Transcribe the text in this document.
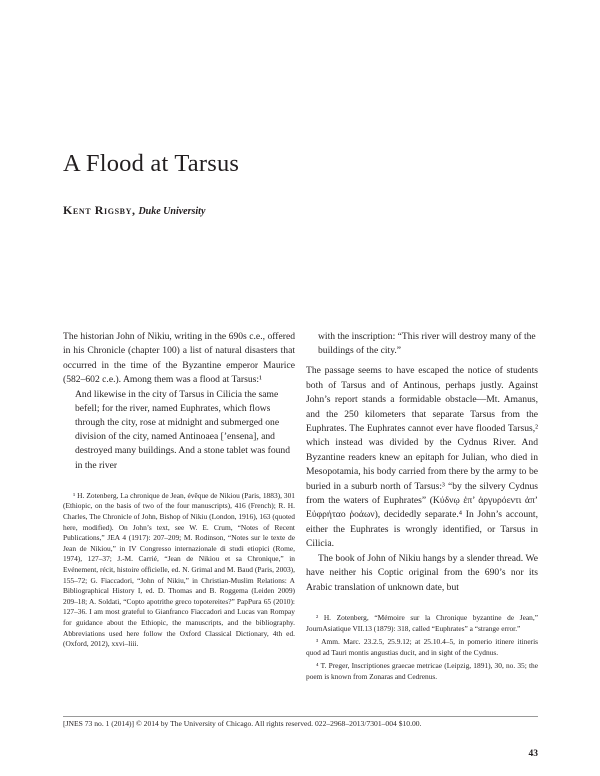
A Flood at Tarsus
Kent Rigsby, Duke University

The historian John of Nikiu, writing in the 690s c.e., offered in his Chronicle (chapter 100) a list of natural disasters that occurred in the time of the Byzantine emperor Maurice (582–602 c.e.). Among them was a flood at Tarsus:¹

And likewise in the city of Tarsus in Cilicia the same befell; for the river, named Euphrates, which flows through the city, rose at midnight and submerged one division of the city, named Antinoaea [’ensena], and destroyed many buildings. And a stone tablet was found in the river

¹ H. Zotenberg, La chronique de Jean, évêque de Nikiou (Paris, 1883), 301 (Ethiopic, on the basis of two of the four manuscripts), 416 (French); R. H. Charles, The Chronicle of John, Bishop of Nikiu (London, 1916), 163 (quoted here, modified). On John’s text, see W. E. Crum, “Notes of Recent Publications,” JEA 4 (1917): 207–209; M. Rodinson, “Notes sur le texte de Jean de Nikiou,” in IV Congresso internazionale di studi etiopici (Rome, 1974), 127–37; J.-M. Carrié, “Jean de Nikiou et sa Chronique,” in Evénement, récit, histoire officielle, ed. N. Grimal and M. Baud (Paris, 2003), 155–72; G. Fiaccadori, “John of Nikiu,” in Christian-Muslim Relations: A Bibliographical History I, ed. D. Thomas and B. Roggema (Leiden 2009) 209–18; A. Soldati, “Copto apotrithe greco topotereites?” PapPura 65 (2010): 127–36. I am most grateful to Gianfranco Fiaccadori and Lucas van Rompay for guidance about the Ethiopic, the manuscripts, and the bibliography. Abbreviations used here follow the Oxford Classical Dictionary, 4th ed. (Oxford, 2012), xxvi–liii.

with the inscription: “This river will destroy many of the buildings of the city.”

The passage seems to have escaped the notice of students both of Tarsus and of Antinous, perhaps justly. Against John’s report stands a formidable obstacle—Mt. Amanus, and the 250 kilometers that separate Tarsus from the Euphrates. The Euphrates cannot ever have flooded Tarsus,² which instead was divided by the Cydnus River. And Byzantine readers knew an epitaph for Julian, who died in Mesopotamia, his body carried from there by the army to be buried in a suburb north of Tarsus:³ “by the silvery Cydnus from the waters of Euphrates” (Κύδνῳ ἐπ’ ἀργυρόεντι ἀπ’ Εὐφρήταο ῥοάων), decidedly separate.⁴ In John’s account, either the Euphrates is wrongly identified, or Tarsus in Cilicia.

The book of John of Nikiu hangs by a slender thread. We have neither his Coptic original from the 690’s nor its Arabic translation of unknown date, but

² H. Zotenberg, “Mémoire sur la Chronique byzantine de Jean,” JournAsiatique VII.13 (1879): 318, called “Euphrates” a “strange error.”

³ Amm. Marc. 23.2.5, 25.9.12; at 25.10.4–5, in pomerio itinere itineris quod ad Tauri montis angustias ducit, and in sight of the Cydnus.

⁴ T. Preger, Inscriptiones graecae metricae (Leipzig, 1891), 30, no. 35; the poem is known from Zonaras and Cedrenus.

[JNES 73 no. 1 (2014)] © 2014 by The University of Chicago. All rights reserved. 022–2968–2013/7301–004 $10.00.
43
